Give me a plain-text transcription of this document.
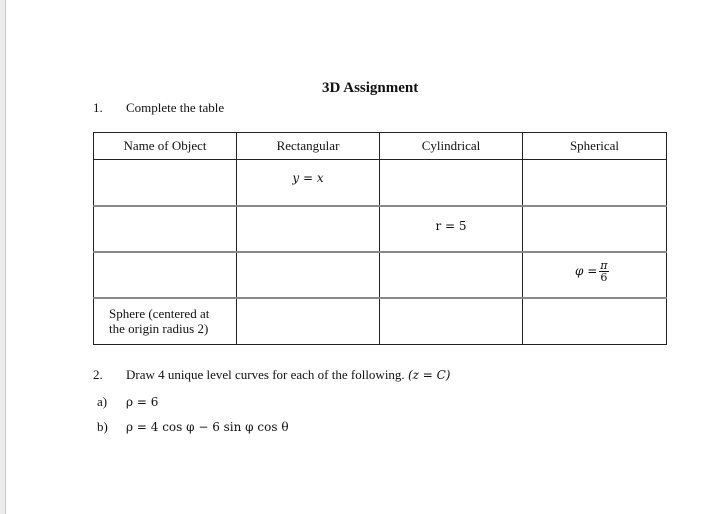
3D Assignment
1. Complete the table
Name of Object	Rectangular	Cylindrical	Spherical

	y = x		

		r = 5	

			$\varphi = \frac{\pi}{6}$

Sphere (centered at
the origin radius 2)			

2. Draw 4 unique level curves for each of the following. (z = C)
a) ρ = 6
b) ρ = 4 cos φ − 6 sin φ cos θ
